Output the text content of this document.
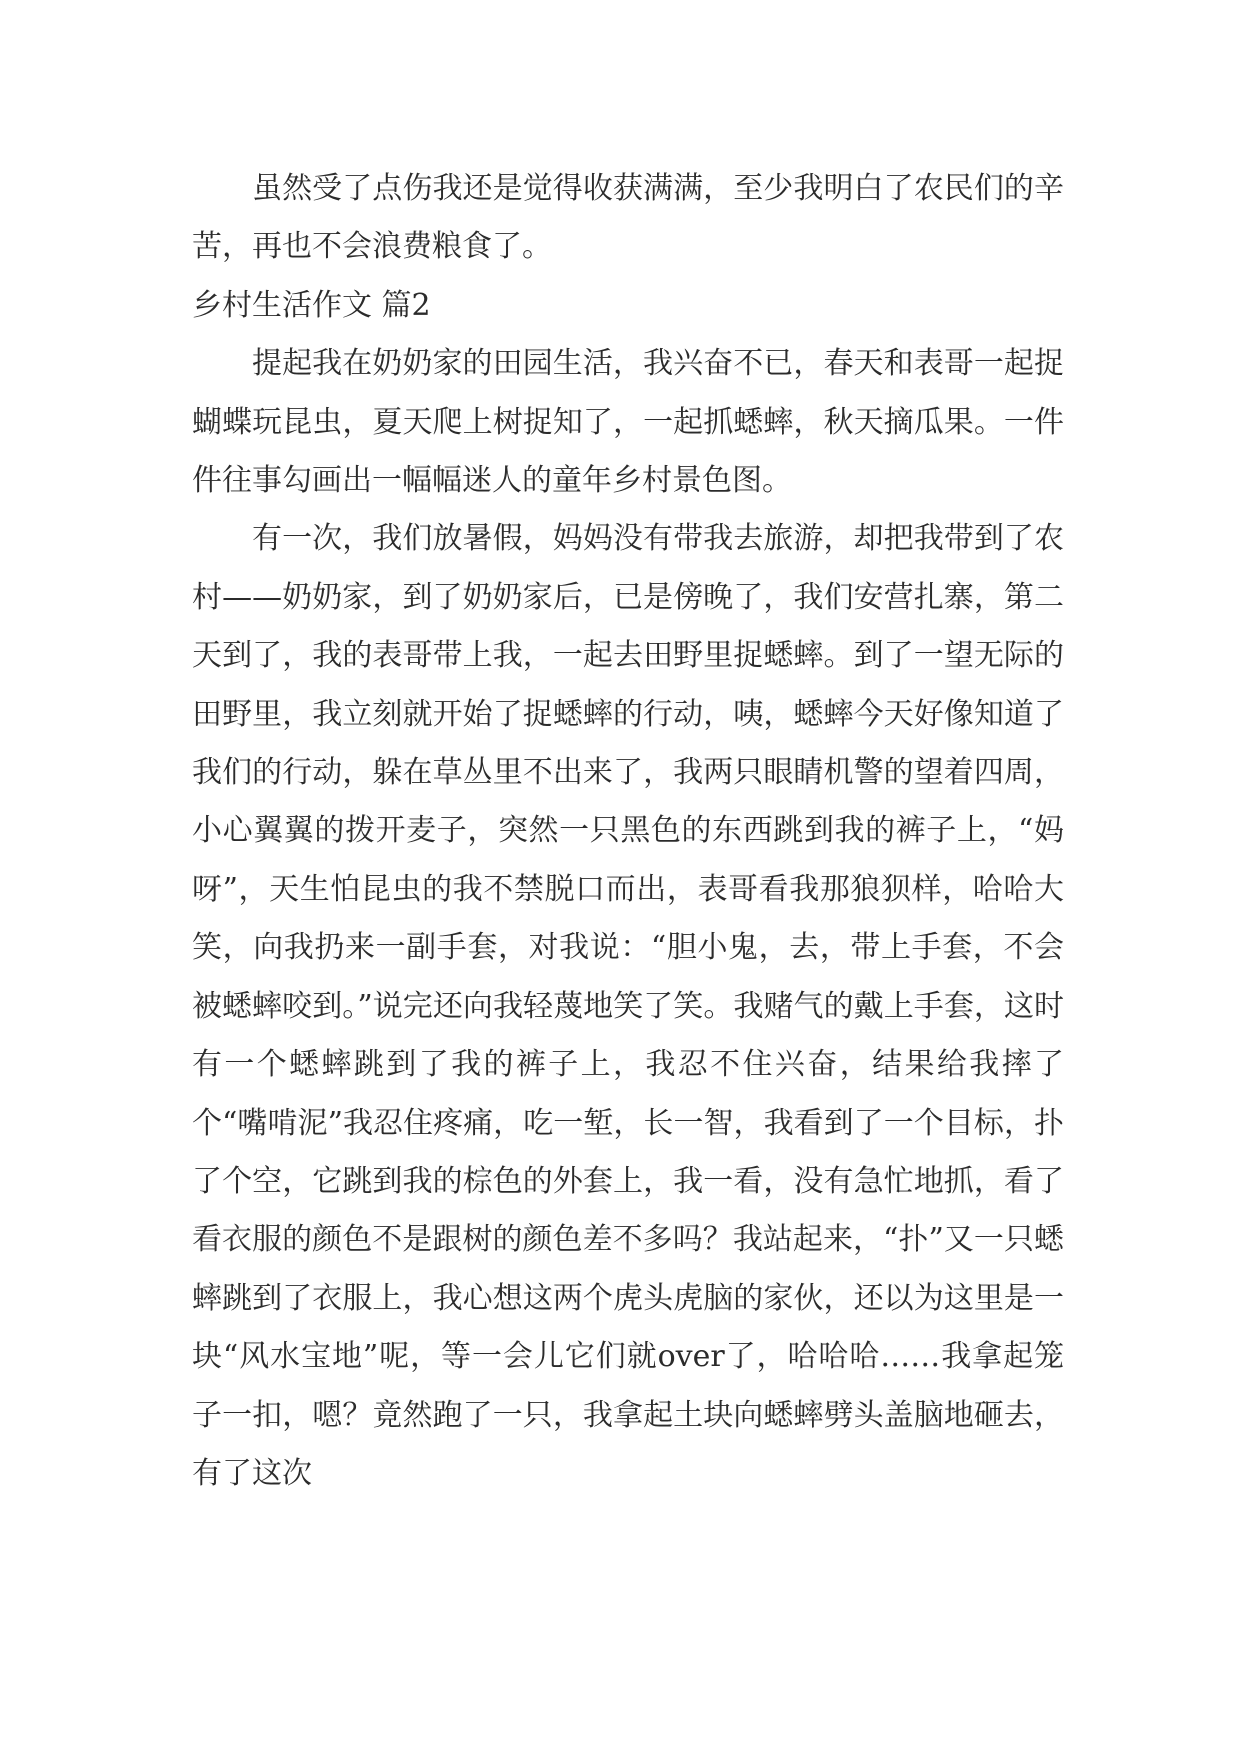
虽然受了点伤我还是觉得收获满满，至少我明白了农民们的辛苦，再也不会浪费粮食了。

乡村生活作文 篇2

提起我在奶奶家的田园生活，我兴奋不已，春天和表哥一起捉蝴蝶玩昆虫，夏天爬上树捉知了，一起抓蟋蟀，秋天摘瓜果。一件件往事勾画出一幅幅迷人的童年乡村景色图。

有一次，我们放暑假，妈妈没有带我去旅游，却把我带到了农村——奶奶家，到了奶奶家后，已是傍晚了，我们安营扎寨，第二天到了，我的表哥带上我，一起去田野里捉蟋蟀。到了一望无际的田野里，我立刻就开始了捉蟋蟀的行动，咦，蟋蟀今天好像知道了我们的行动，躲在草丛里不出来了，我两只眼睛机警的望着四周，小心翼翼的拨开麦子，突然一只黑色的东西跳到我的裤子上，“妈呀”，天生怕昆虫的我不禁脱口而出，表哥看我那狼狈样，哈哈大笑，向我扔来一副手套，对我说：“胆小鬼，去，带上手套，不会被蟋蟀咬到。”说完还向我轻蔑地笑了笑。我赌气的戴上手套，这时有一个蟋蟀跳到了我的裤子上，我忍不住兴奋，结果给我摔了个“嘴啃泥”我忍住疼痛，吃一堑，长一智，我看到了一个目标，扑了个空，它跳到我的棕色的外套上，我一看，没有急忙地抓，看了看衣服的颜色不是跟树的颜色差不多吗？我站起来，“扑”又一只蟋蟀跳到了衣服上，我心想这两个虎头虎脑的家伙，还以为这里是一块“风水宝地”呢，等一会儿它们就over了，哈哈哈……我拿起笼子一扣，嗯？竟然跑了一只，我拿起土块向蟋蟀劈头盖脑地砸去，有了这次
